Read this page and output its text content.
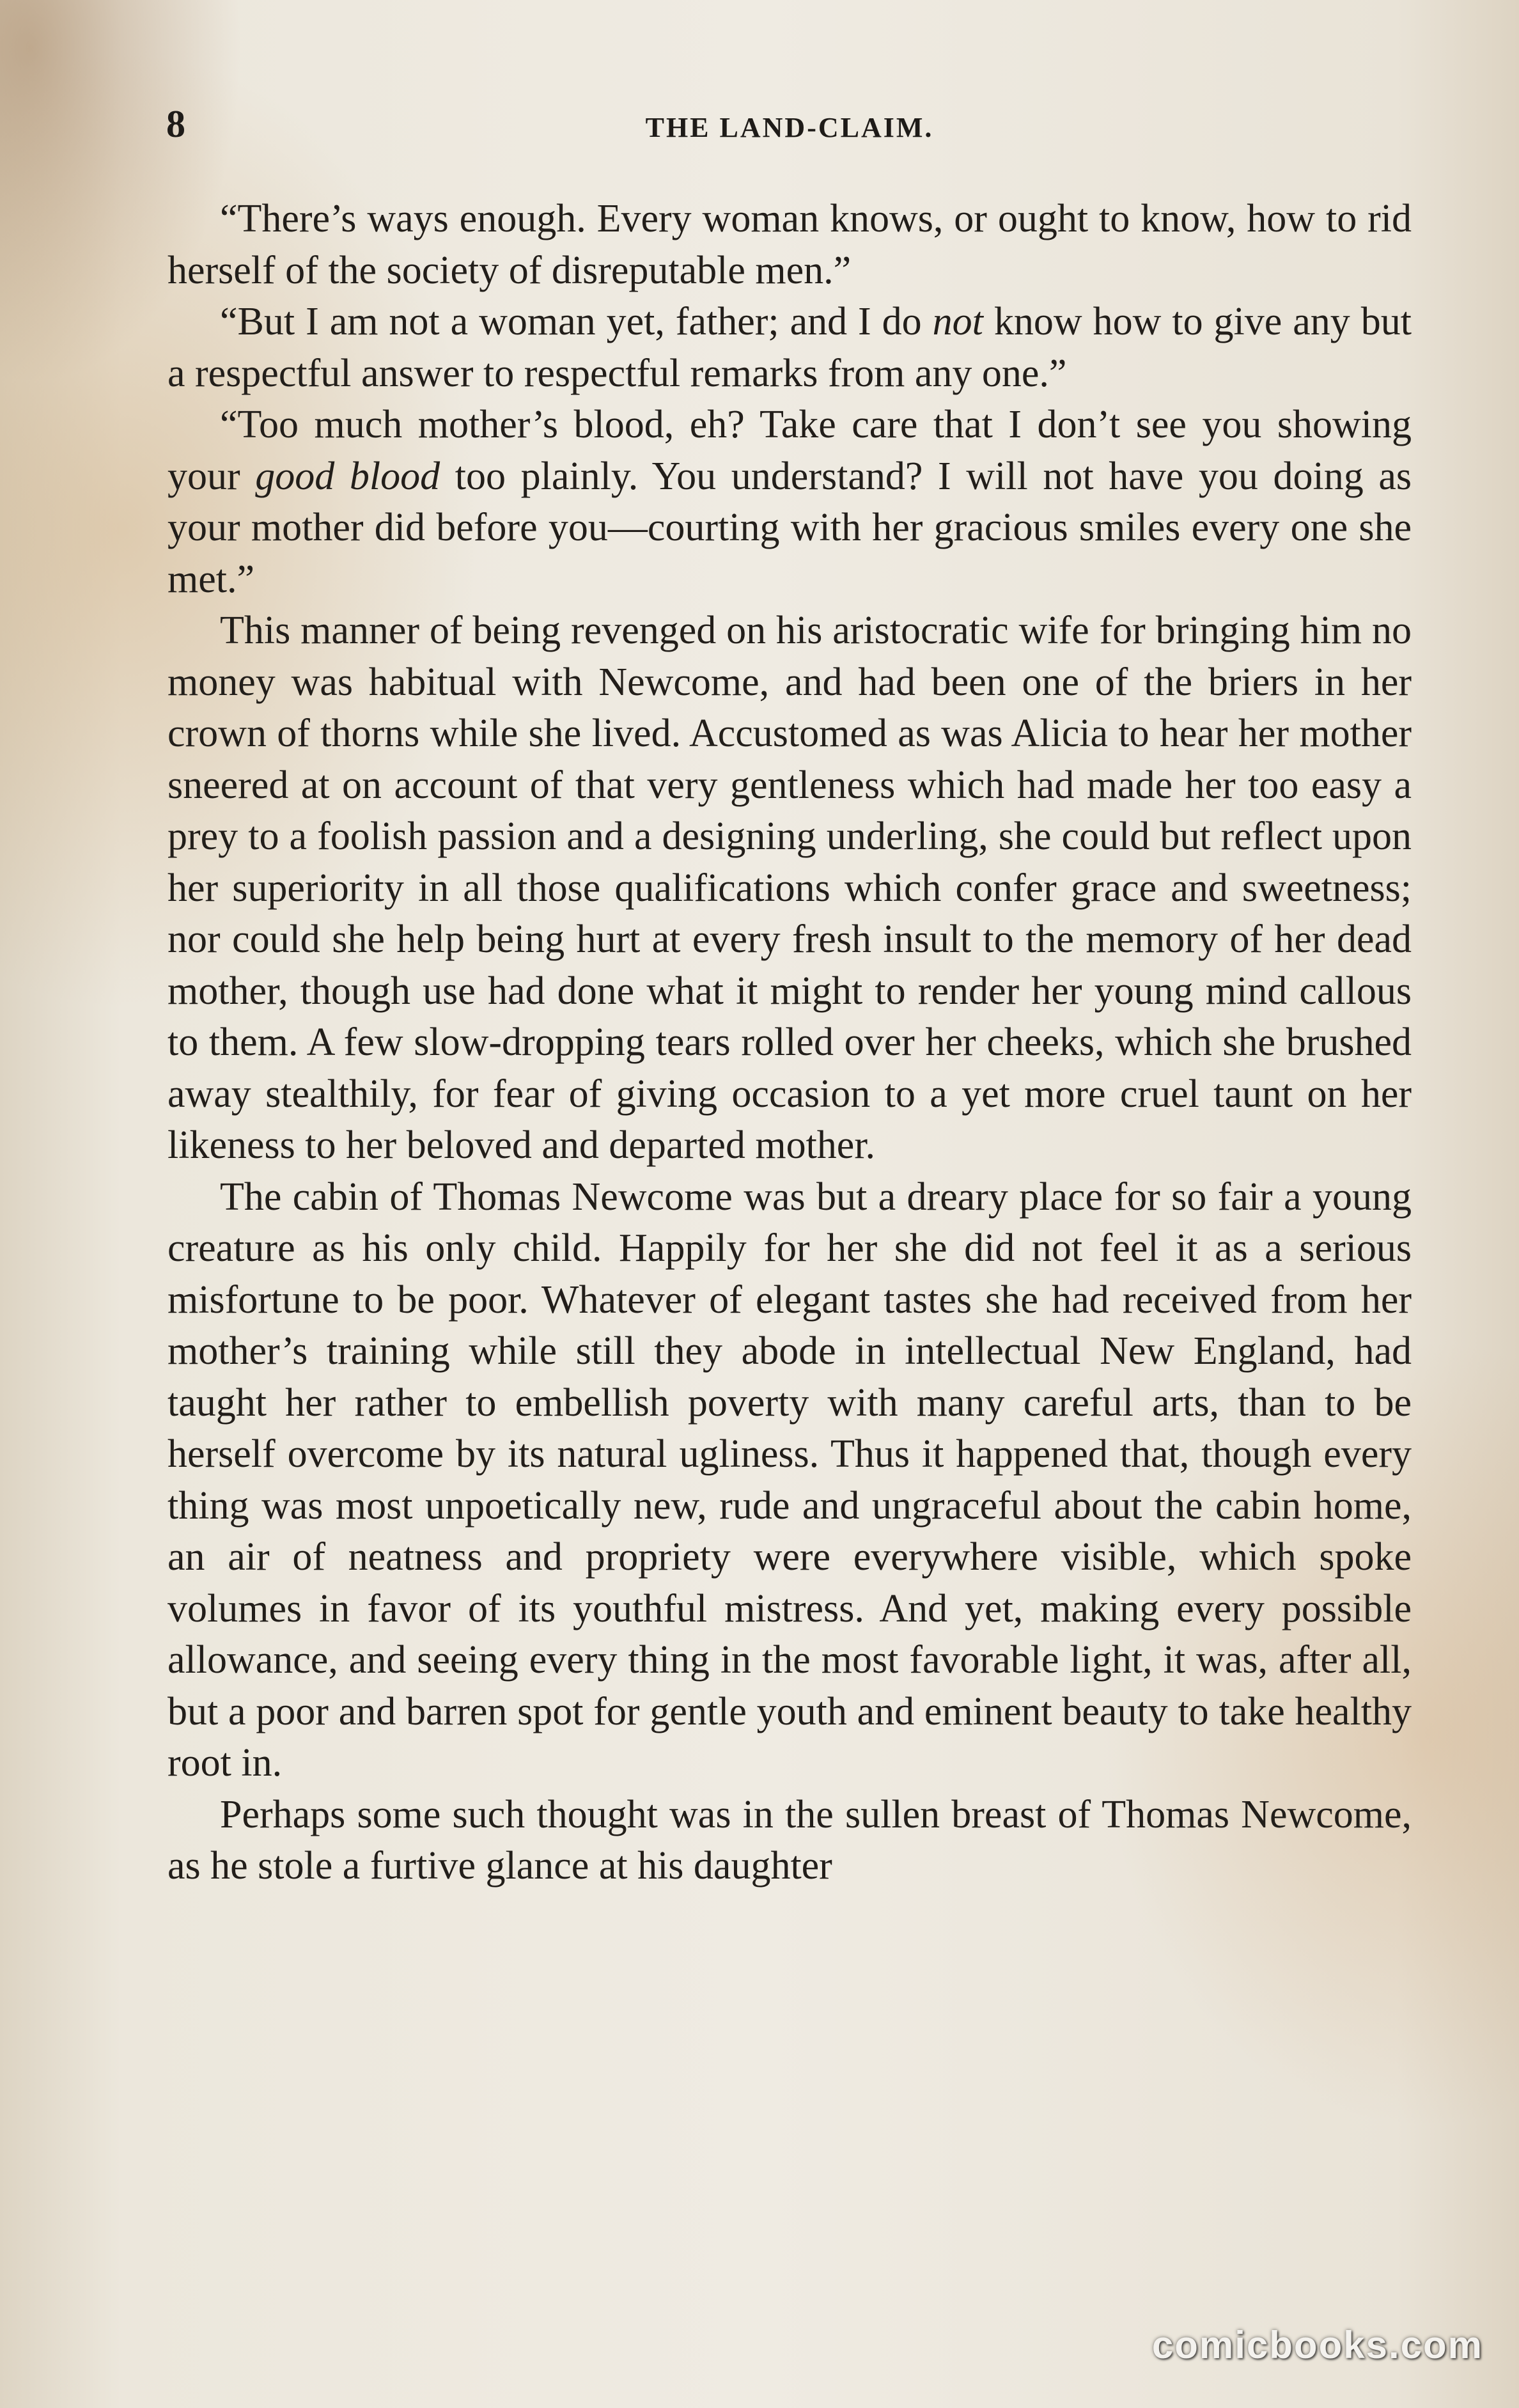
8	THE LAND-CLAIM.

“There’s ways enough. Every woman knows, or ought to know, how to rid herself of the society of disreputable men.”

“But I am not a woman yet, father; and I do not know how to give any but a respectful answer to respectful remarks from any one.”

“Too much mother’s blood, eh? Take care that I don’t see you showing your good blood too plainly. You understand? I will not have you doing as your mother did before you—courting with her gracious smiles every one she met.”

This manner of being revenged on his aristocratic wife for bringing him no money was habitual with Newcome, and had been one of the briers in her crown of thorns while she lived. Accustomed as was Alicia to hear her mother sneered at on account of that very gentleness which had made her too easy a prey to a foolish passion and a designing underling, she could but reflect upon her superiority in all those qualifications which confer grace and sweetness; nor could she help being hurt at every fresh insult to the memory of her dead mother, though use had done what it might to render her young mind callous to them. A few slow-dropping tears rolled over her cheeks, which she brushed away stealthily, for fear of giving occasion to a yet more cruel taunt on her likeness to her beloved and departed mother.

The cabin of Thomas Newcome was but a dreary place for so fair a young creature as his only child. Happily for her she did not feel it as a serious misfortune to be poor. Whatever of elegant tastes she had received from her mother’s training while still they abode in intellectual New England, had taught her rather to embellish poverty with many careful arts, than to be herself overcome by its natural ugliness. Thus it happened that, though every thing was most unpoetically new, rude and ungraceful about the cabin home, an air of neatness and propriety were everywhere visible, which spoke volumes in favor of its youthful mistress. And yet, making every possible allowance, and seeing every thing in the most favorable light, it was, after all, but a poor and barren spot for gentle youth and eminent beauty to take healthy root in.

Perhaps some such thought was in the sullen breast of Thomas Newcome, as he stole a furtive glance at his daughter

comicbooks.com
